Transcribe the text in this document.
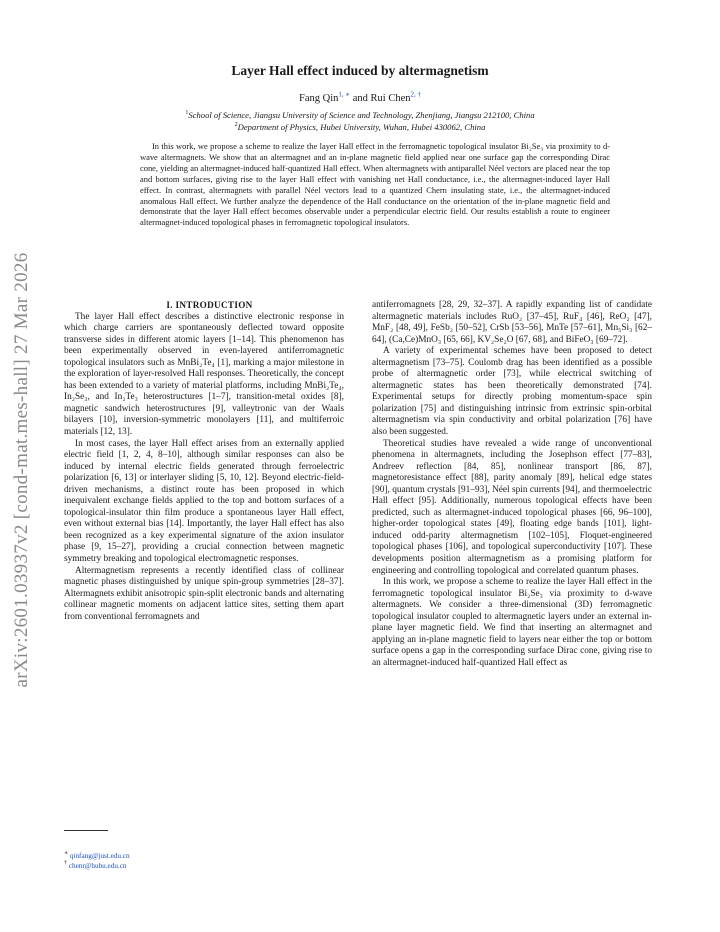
arXiv:2601.03937v2 [cond-mat.mes-hall] 27 Mar 2026
Layer Hall effect induced by altermagnetism
Fang Qin$^{1, ∗}$ and Rui Chen$^{2, \dagger}$
$^1$School of Science, Jiangsu University of Science and Technology, Zhenjiang, Jiangsu 212100, China
$^2$Department of Physics, Hubei University, Wuhan, Hubei 430062, China

In this work, we propose a scheme to realize the layer Hall effect in the ferromagnetic topological insulator Bi₂Se₃ via proximity to d-wave altermagnets. We show that an altermagnet and an in-plane magnetic field applied near one surface gap the corresponding Dirac cone, yielding an altermagnet-induced half-quantized Hall effect. When altermagnets with antiparallel Néel vectors are placed near the top and bottom surfaces, giving rise to the layer Hall effect with vanishing net Hall conductance, i.e., the altermagnet-induced layer Hall effect. In contrast, altermagnets with parallel Néel vectors lead to a quantized Chern insulating state, i.e., the altermagnet-induced anomalous Hall effect. We further analyze the dependence of the Hall conductance on the orientation of the in-plane magnetic field and demonstrate that the layer Hall effect becomes observable under a perpendicular electric field. Our results establish a route to engineer altermagnet-induced topological phases in ferromagnetic topological insulators.

I. INTRODUCTION

The layer Hall effect describes a distinctive electronic response in which charge carriers are spontaneously deflected toward opposite transverse sides in different atomic layers [1–14]. This phenomenon has been experimentally observed in even-layered antiferromagnetic topological insulators such as MnBi₂Te₄ [1], marking a major milestone in the exploration of layer-resolved Hall responses. Theoretically, the concept has been extended to a variety of material platforms, including MnBi₂Te₄, In₂Se₃, and In₂Te₃ heterostructures [1–7], transition-metal oxides [8], magnetic sandwich heterostructures [9], valleytronic van der Waals bilayers [10], inversion-symmetric monolayers [11], and multiferroic materials [12, 13].

In most cases, the layer Hall effect arises from an externally applied electric field [1, 2, 4, 8–10], although similar responses can also be induced by internal electric fields generated through ferroelectric polarization [6, 13] or interlayer sliding [5, 10, 12]. Beyond electric-field-driven mechanisms, a distinct route has been proposed in which inequivalent exchange fields applied to the top and bottom surfaces of a topological-insulator thin film produce a spontaneous layer Hall effect, even without external bias [14]. Importantly, the layer Hall effect has also been recognized as a key experimental signature of the axion insulator phase [9, 15–27], providing a crucial connection between magnetic symmetry breaking and topological electromagnetic responses.

Altermagnetism represents a recently identified class of collinear magnetic phases distinguished by unique spin-group symmetries [28–37]. Altermagnets exhibit anisotropic spin-split electronic bands and alternating collinear magnetic moments on adjacent lattice sites, setting them apart from conventional ferromagnets and

antiferromagnets [28, 29, 32–37]. A rapidly expanding list of candidate altermagnetic materials includes RuO₂ [37–45], RuF₄ [46], ReO₂ [47], MnF₂ [48, 49], FeSb₂ [50–52], CrSb [53–56], MnTe [57–61], Mn₅Si₃ [62–64], (Ca,Ce)MnO₃ [65, 66], KV₂Se₂O [67, 68], and BiFeO₃ [69–72].

A variety of experimental schemes have been proposed to detect altermagnetism [73–75]. Coulomb drag has been identified as a possible probe of altermagnetic order [73], while electrical switching of altermagnetic states has been theoretically demonstrated [74]. Experimental setups for directly probing momentum-space spin polarization [75] and distinguishing intrinsic from extrinsic spin-orbital altermagnetism via spin conductivity and orbital polarization [76] have also been suggested.

Theoretical studies have revealed a wide range of unconventional phenomena in altermagnets, including the Josephson effect [77–83], Andreev reflection [84, 85], nonlinear transport [86, 87], magnetoresistance effect [88], parity anomaly [89], helical edge states [90], quantum crystals [91–93], Néel spin currents [94], and thermoelectric Hall effect [95]. Additionally, numerous topological effects have been predicted, such as altermagnet-induced topological phases [66, 96–100], higher-order topological states [49], floating edge bands [101], light-induced odd-parity altermagnetism [102–105], Floquet-engineered topological phases [106], and topological superconductivity [107]. These developments position altermagnetism as a promising platform for engineering and controlling topological and correlated quantum phases.

In this work, we propose a scheme to realize the layer Hall effect in the ferromagnetic topological insulator Bi₂Se₃ via proximity to d-wave altermagnets. We consider a three-dimensional (3D) ferromagnetic topological insulator coupled to altermagnetic layers under an external in-plane layer magnetic field. We find that inserting an altermagnet and applying an in-plane magnetic field to layers near either the top or bottom surface opens a gap in the corresponding surface Dirac cone, giving rise to an altermagnet-induced half-quantized Hall effect as

∗ qinfang@just.edu.cn
† chenr@hubu.edu.cn
